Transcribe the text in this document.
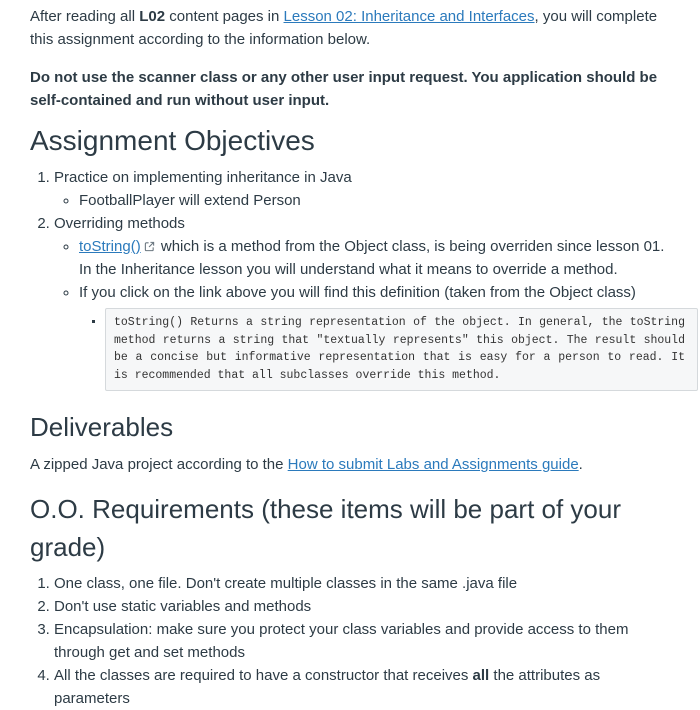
After reading all L02 content pages in Lesson 02: Inheritance and Interfaces, you will complete this assignment according to the information below.

Do not use the scanner class or any other user input request. You application should be self-contained and run without user input.

Assignment Objectives
1. Practice on implementing inheritance in Java
◦ FootballPlayer will extend Person
2. Overriding methods
◦ toString() which is a method from the Object class, is being overriden since lesson 01. In the Inheritance lesson you will understand what it means to override a method.
◦ If you click on the link above you will find this definition (taken from the Object class)
▪ toString() Returns a string representation of the object. In general, the toString method returns a string that "textually represents" this object. The result should be a concise but informative representation that is easy for a person to read. It is recommended that all subclasses override this method.
Deliverables

A zipped Java project according to the How to submit Labs and Assignments guide.

O.O. Requirements (these items will be part of your grade)
1. One class, one file. Don't create multiple classes in the same .java file
2. Don't use static variables and methods
3. Encapsulation: make sure you protect your class variables and provide access to them through get and set methods
4. All the classes are required to have a constructor that receives all the attributes as parameters
